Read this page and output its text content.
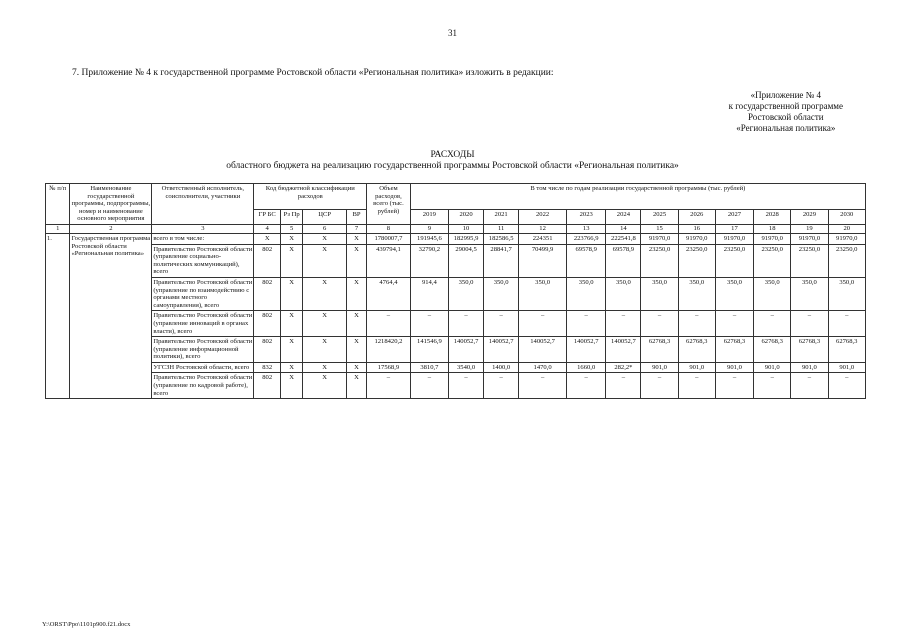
31
7. Приложение № 4 к государственной программе Ростовской области «Региональная политика» изложить в редакции:
«Приложение № 4
к государственной программе
Ростовской области
«Региональная политика»
РАСХОДЫ
областного бюджета на реализацию государственной программы Ростовской области «Региональная политика»
№ п/п	Наименование государственной программы, подпрограммы, номер и наименование основного мероприятия	Ответственный исполнитель, соисполнители, участники	Код бюджетной классификации расходов				Объем расходов, всего (тыс. рублей)	В том числе по годам реализации государственной программы (тыс. рублей)											
			ГР БС	Рз Пр	ЦСР	ВР		2019	2020	2021	2022	2023	2024	2025	2026	2027	2028	2029	2030
1	2	3	4	5	6	7	8	9	10	11	12	13	14	15	16	17	18	19	20
1.	Государственная программа Ростовской области «Региональная политика»	всего в том числе:	Х	Х	Х	Х	1780007,7	191945,6	182995,9	182586,5	224351	223766,9	222541,8	91970,0	91970,0	91970,0	91970,0	91970,0	91970,0
		Правительство Ростовской области (управление социально-политических коммуникаций), всего	802	Х	Х	Х	439794,1	32790,2	29004,5	28841,7	70499,9	69578,9	69578,9	23250,0	23250,0	23250,0	23250,0	23250,0	23250,0
		Правительство Ростовской области (управление по взаимодействию с органами местного самоуправления), всего	802	Х	Х	Х	4764,4	914,4	350,0	350,0	350,0	350,0	350,0	350,0	350,0	350,0	350,0	350,0	350,0
		Правительство Ростовской области (управление инноваций в органах власти), всего	802	Х	Х	Х	–	–	–	–	–	–	–	–	–	–	–	–	–
		Правительство Ростовской области (управление информационной политики), всего	802	Х	Х	Х	1218420,2	141546,9	140052,7	140052,7	140052,7	140052,7	140052,7	62768,3	62768,3	62768,3	62768,3	62768,3	62768,3
		УГСЗН Ростовской области, всего	832	Х	Х	Х	17568,9	3810,7	3540,0	1400,0	1470,0	1660,0	282,2*	901,0	901,0	901,0	901,0	901,0	901,0
		Правительство Ростовской области (управление по кадровой работе), всего	802	Х	Х	Х	–	–	–	–	–	–	–	–	–	–	–	–	–
Y:\ORST\Ppo\1101p900.f21.docx
